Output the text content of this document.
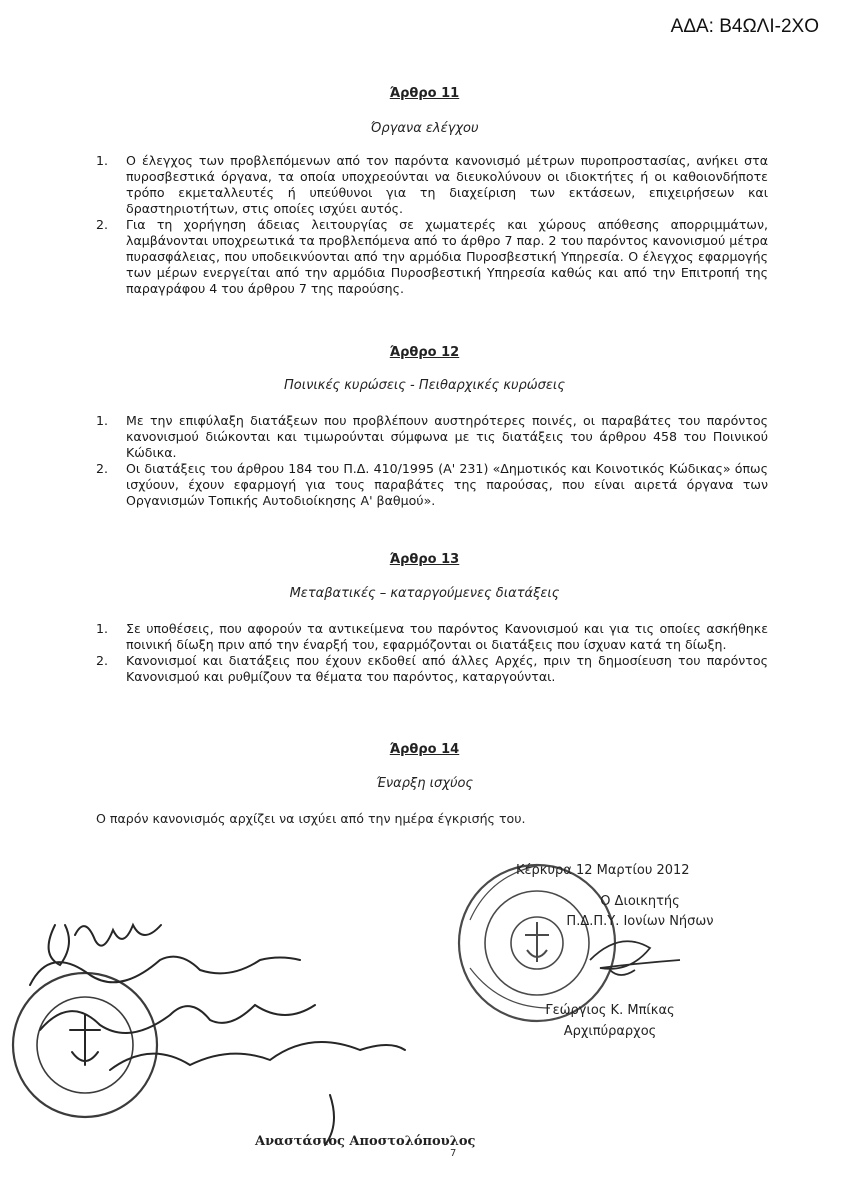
ΑΔΑ: Β4ΩΛΙ-2ΧΟ
Άρθρο 11
Όργανα ελέγχου
1. Ο έλεγχος των προβλεπόμενων από τον παρόντα κανονισμό μέτρων πυροπροστασίας, ανήκει στα πυροσβεστικά όργανα, τα οποία υποχρεούνται να διευκολύνουν οι ιδιοκτήτες ή οι καθοιονδήποτε τρόπο εκμεταλλευτές ή υπεύθυνοι για τη διαχείριση των εκτάσεων, επιχειρήσεων και δραστηριοτήτων, στις οποίες ισχύει αυτός.
2. Για τη χορήγηση άδειας λειτουργίας σε χωματερές και χώρους απόθεσης απορριμμάτων, λαμβάνονται υποχρεωτικά τα προβλεπόμενα από το άρθρο 7 παρ. 2 του παρόντος κανονισμού μέτρα πυρασφάλειας, που υποδεικνύονται από την αρμόδια Πυροσβεστική Υπηρεσία. Ο έλεγχος εφαρμογής των μέρων ενεργείται από την αρμόδια Πυροσβεστική Υπηρεσία καθώς και από την Επιτροπή της παραγράφου 4 του άρθρου 7 της παρούσης.
Άρθρο 12
Ποινικές κυρώσεις - Πειθαρχικές κυρώσεις
1. Με την επιφύλαξη διατάξεων που προβλέπουν αυστηρότερες ποινές, οι παραβάτες του παρόντος κανονισμού διώκονται και τιμωρούνται σύμφωνα με τις διατάξεις του άρθρου 458 του Ποινικού Κώδικα.
2. Οι διατάξεις του άρθρου 184 του Π.Δ. 410/1995 (Α' 231) «Δημοτικός και Κοινοτικός Κώδικας» όπως ισχύουν, έχουν εφαρμογή για τους παραβάτες της παρούσας, που είναι αιρετά όργανα των Οργανισμών Τοπικής Αυτοδιοίκησης Α' βαθμού».
Άρθρο 13
Μεταβατικές – καταργούμενες διατάξεις
1. Σε υποθέσεις, που αφορούν τα αντικείμενα του παρόντος Κανονισμού και για τις οποίες ασκήθηκε ποινική δίωξη πριν από την έναρξή του, εφαρμόζονται οι διατάξεις που ίσχυαν κατά τη δίωξη.
2. Κανονισμοί και διατάξεις που έχουν εκδοθεί από άλλες Αρχές, πριν τη δημοσίευση του παρόντος Κανονισμού και ρυθμίζουν τα θέματα του παρόντος, καταργούνται.
Άρθρο 14
Έναρξη ισχύος
Ο παρόν κανονισμός αρχίζει να ισχύει από την ημέρα έγκρισής του.
Κέρκυρα 12 Μαρτίου 2012
Ο Διοικητής
Π.Δ.Π.Υ. Ιονίων Νήσων
Γεώργιος Κ. Μπίκας
Αρχιπύραρχος
Αναστάσιος Αποστολόπουλος
7
